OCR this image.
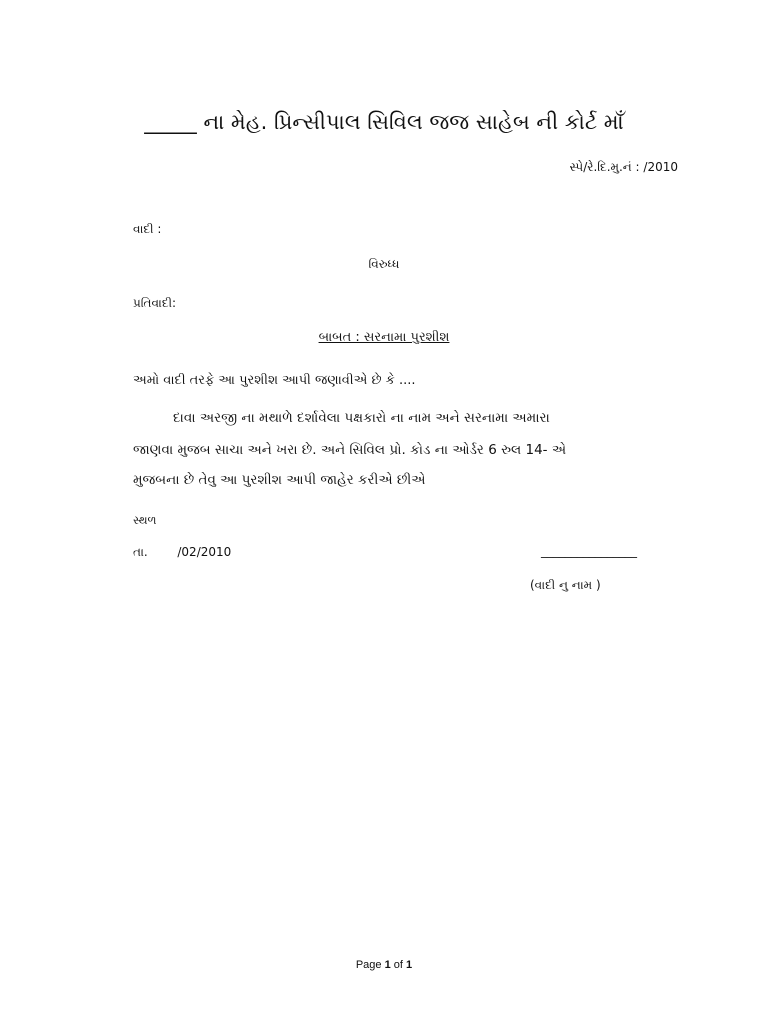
_____ ના મેહ. પ્રિન્સીપાલ સિવિલ જજ સાહેબ ની કોર્ટ માઁ
સ્પે/રે.દિ.મુ.નં : /2010
વાદી :
વિરુધ્ધ
પ્રતિવાદી:
બાબત : સરનામા પુરશીશ
અમો વાદી તરફે આ પુરશીશ આપી જણાવીએ છે કે ....
દાવા અરજી ના મથાળે દર્શાવેલા પક્ષકારો ના નામ અને સરનામા અમારા
જાણવા મુજબ સાચા અને ખરા છે. અને સિવિલ પ્રો. કોડ ના ઓર્ડર 6 રુલ 14- એ
મુજબના છે તેવુ આ પુરશીશ આપી જાહેર કરીએ છીએ
સ્થળ
તા. /02/2010	________________
(વાદી નુ નામ )
Page 1 of 1
